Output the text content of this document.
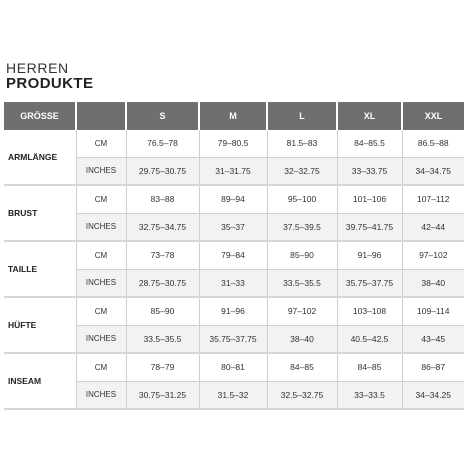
HERREN
PRODUKTE
GRÖSSE		S	M	L	XL	XXL
ARMLÄNGE	CM	76.5–78	79–80.5	81.5–83	84–85.5	86.5–88
	INCHES	29.75–30.75	31–31.75	32–32.75	33–33.75	34–34.75
BRUST	CM	83–88	89–94	95–100	101–106	107–112
	INCHES	32.75–34.75	35–37	37.5–39.5	39.75–41.75	42–44
TAILLE	CM	73–78	79–84	85–90	91–96	97–102
	INCHES	28.75–30.75	31–33	33.5–35.5	35.75–37.75	38–40
HÜFTE	CM	85–90	91–96	97–102	103–108	109–114
	INCHES	33.5–35.5	35.75–37.75	38–40	40.5–42.5	43–45
INSEAM	CM	78–79	80–81	84–85	84–85	86–87
	INCHES	30.75–31.25	31.5–32	32.5–32.75	33–33.5	34–34.25
